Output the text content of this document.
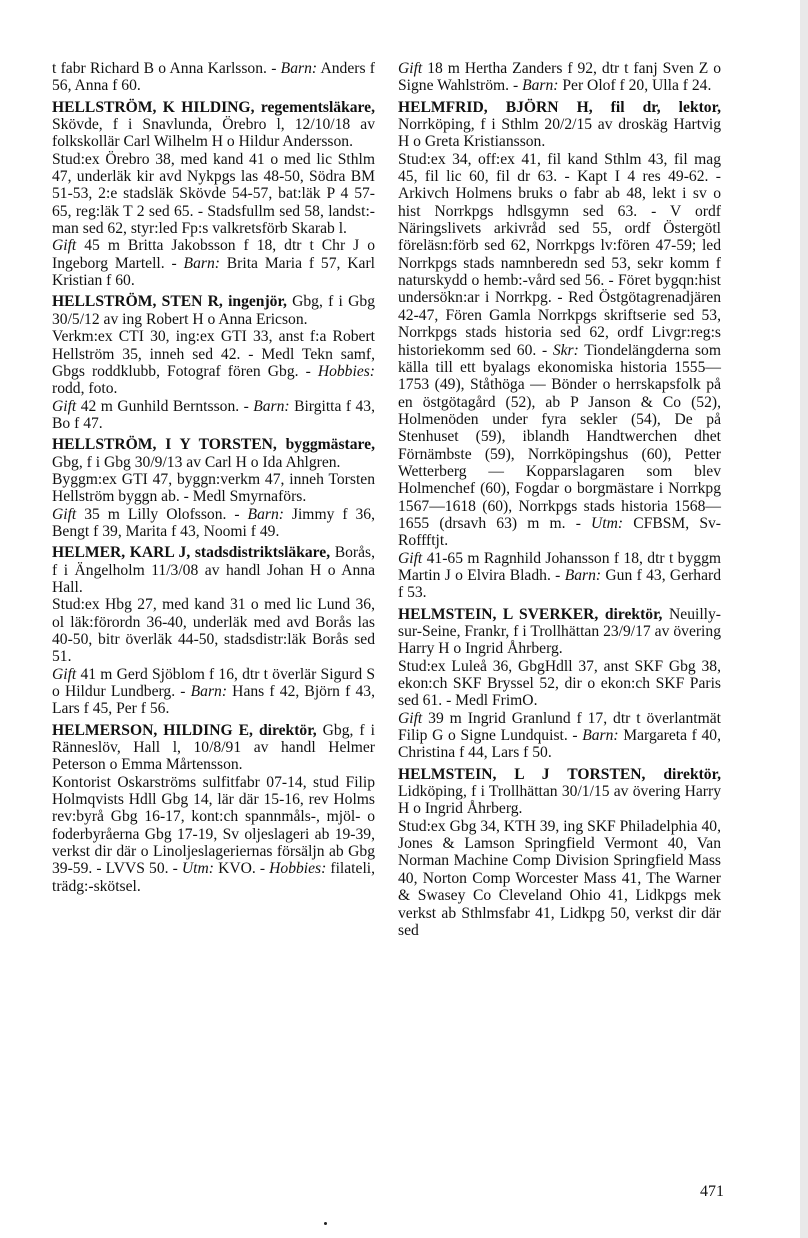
t fabr Richard B o Anna Karlsson. - Barn: Anders f 56, Anna f 60.

HELLSTRÖM, K HILDING, regementsläkare, Skövde, f i Snavlunda, Örebro l, 12/10/18 av folkskollär Carl Wilhelm H o Hildur Andersson.

Stud:ex Örebro 38, med kand 41 o med lic Sthlm 47, underläk kir avd Nykpgs las 48-50, Södra BM 51-53, 2:e stadsläk Skövde 54-57, bat:läk P 4 57-65, reg:läk T 2 sed 65. - Stadsfullm sed 58, landst:-man sed 62, styr:led Fp:s valkretsförb Skarab l.

Gift 45 m Britta Jakobsson f 18, dtr t Chr J o Ingeborg Martell. - Barn: Brita Maria f 57, Karl Kristian f 60.

HELLSTRÖM, STEN R, ingenjör, Gbg, f i Gbg 30/5/12 av ing Robert H o Anna Ericson.

Verkm:ex CTI 30, ing:ex GTI 33, anst f:a Robert Hellström 35, inneh sed 42. - Medl Tekn samf, Gbgs roddklubb, Fotograf fören Gbg. - Hobbies: rodd, foto.

Gift 42 m Gunhild Berntsson. - Barn: Birgitta f 43, Bo f 47.

HELLSTRÖM, I Y TORSTEN, byggmästare, Gbg, f i Gbg 30/9/13 av Carl H o Ida Ahlgren.

Byggm:ex GTI 47, byggn:verkm 47, inneh Torsten Hellström byggn ab. - Medl Smyrnaförs.

Gift 35 m Lilly Olofsson. - Barn: Jimmy f 36, Bengt f 39, Marita f 43, Noomi f 49.

HELMER, KARL J, stadsdistriktsläkare, Borås, f i Ängelholm 11/3/08 av handl Johan H o Anna Hall.

Stud:ex Hbg 27, med kand 31 o med lic Lund 36, ol läk:förordn 36-40, underläk med avd Borås las 40-50, bitr överläk 44-50, stadsdistr:läk Borås sed 51.

Gift 41 m Gerd Sjöblom f 16, dtr t överlär Sigurd S o Hildur Lundberg. - Barn: Hans f 42, Björn f 43, Lars f 45, Per f 56.

HELMERSON, HILDING E, direktör, Gbg, f i Ränneslöv, Hall l, 10/8/91 av handl Helmer Peterson o Emma Mårtensson.

Kontorist Oskarströms sulfitfabr 07-14, stud Filip Holmqvists Hdll Gbg 14, lär där 15-16, rev Holms rev:byrå Gbg 16-17, kont:ch spannmåls-, mjöl- o foderbyråerna Gbg 17-19, Sv oljeslageri ab 19-39, verkst dir där o Linoljeslageriernas försäljn ab Gbg 39-59. - LVVS 50. - Utm: KVO. - Hobbies: filateli, trädg:-skötsel.

Gift 18 m Hertha Zanders f 92, dtr t fanj Sven Z o Signe Wahlström. - Barn: Per Olof f 20, Ulla f 24.

HELMFRID, BJÖRN H, fil dr, lektor, Norrköping, f i Sthlm 20/2/15 av droskäg Hartvig H o Greta Kristiansson.

Stud:ex 34, off:ex 41, fil kand Sthlm 43, fil mag 45, fil lic 60, fil dr 63. - Kapt I 4 res 49-62. - Arkivch Holmens bruks o fabr ab 48, lekt i sv o hist Norrkpgs hdlsgymn sed 63. - V ordf Näringslivets arkivråd sed 55, ordf Östergötl föreläsn:förb sed 62, Norrkpgs lv:fören 47-59; led Norrkpgs stads namnberedn sed 53, sekr komm f naturskydd o hemb:-vård sed 56. - Föret bygqn:hist undersökn:ar i Norrkpg. - Red Östgötagrenadjären 42-47, Fören Gamla Norrkpgs skriftserie sed 53, Norrkpgs stads historia sed 62, ordf Livgr:reg:s historiekomm sed 60. - Skr: Tiondelängderna som källa till ett byalags ekonomiska historia 1555—1753 (49), Ståthöga — Bönder o herrskapsfolk på en östgötagård (52), ab P Janson & Co (52), Holmenöden under fyra sekler (54), De på Stenhuset (59), iblandh Handtwerchen dhet Förnämbste (59), Norrköpingshus (60), Petter Wetterberg — Kopparslagaren som blev Holmenchef (60), Fogdar o borgmästare i Norrkpg 1567—1618 (60), Norrkpgs stads historia 1568—1655 (drsavh 63) m m. - Utm: CFBSM, Sv-Roffftjt.

Gift 41-65 m Ragnhild Johansson f 18, dtr t byggm Martin J o Elvira Bladh. - Barn: Gun f 43, Gerhard f 53.

HELMSTEIN, L SVERKER, direktör, Neuilly-sur-Seine, Frankr, f i Trollhättan 23/9/17 av övering Harry H o Ingrid Åhrberg.

Stud:ex Luleå 36, GbgHdll 37, anst SKF Gbg 38, ekon:ch SKF Bryssel 52, dir o ekon:ch SKF Paris sed 61. - Medl FrimO.

Gift 39 m Ingrid Granlund f 17, dtr t överlantmät Filip G o Signe Lundquist. - Barn: Margareta f 40, Christina f 44, Lars f 50.

HELMSTEIN, L J TORSTEN, direktör, Lidköping, f i Trollhättan 30/1/15 av övering Harry H o Ingrid Åhrberg.

Stud:ex Gbg 34, KTH 39, ing SKF Philadelphia 40, Jones & Lamson Springfield Vermont 40, Van Norman Machine Comp Division Springfield Mass 40, Norton Comp Worcester Mass 41, The Warner & Swasey Co Cleveland Ohio 41, Lidkpgs mek verkst ab Sthlmsfabr 41, Lidkpg 50, verkst dir där sed

471
